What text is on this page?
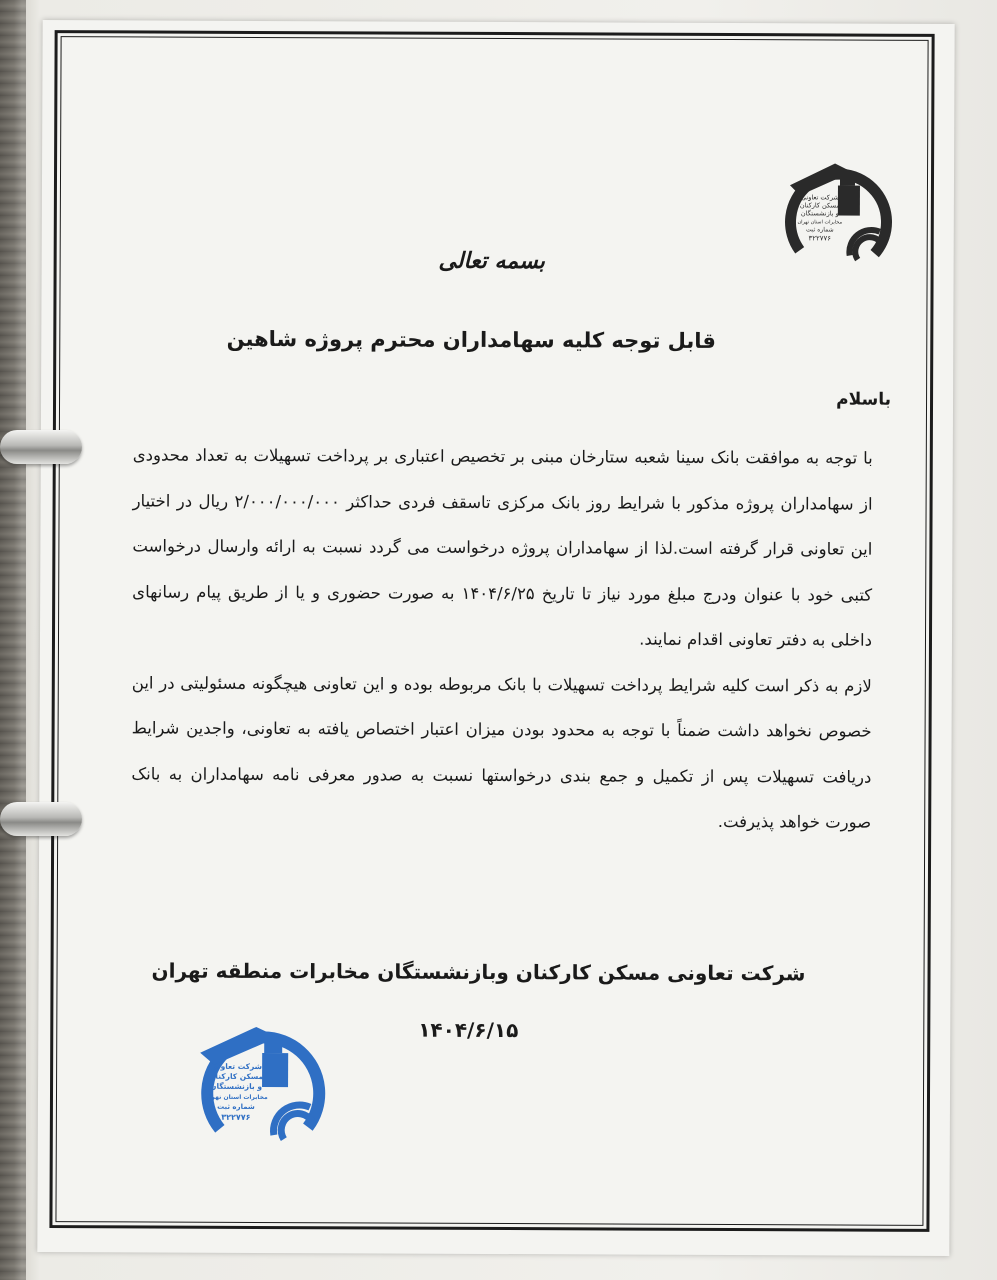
شرکت تعاونی
مسکن کارکنان
و بازنشستگان
مخابرات استان تهران
شماره ثبت
۳۲۲۷۷۶
بسمه تعالی
قابل توجه کلیه سهامداران محترم پروژه شاهین
باسلام

با توجه به موافقت بانک سینا شعبه ستارخان مبنی بر تخصیص اعتباری بر پرداخت تسهیلات به تعداد محدودی از سهامداران پروژه مذکور با شرایط روز بانک مرکزی تاسقف فردی حداکثر ۲/۰۰۰/۰۰۰/۰۰۰ ریال در اختیار این تعاونی قرار گرفته است.لذا از سهامداران پروژه درخواست می گردد نسبت به ارائه وارسال درخواست کتبی خود با عنوان ودرج مبلغ مورد نیاز تا تاریخ ۱۴۰۴/۶/۲۵ به صورت حضوری و یا از طریق پیام رسانهای داخلی به دفتر تعاونی اقدام نمایند.

لازم به ذکر است کلیه شرایط پرداخت تسهیلات با بانک مربوطه بوده و این تعاونی هیچگونه مسئولیتی در این خصوص نخواهد داشت ضمناً با توجه به محدود بودن میزان اعتبار اختصاص یافته به تعاونی، واجدین شرایط دریافت تسهیلات پس از تکمیل و جمع بندی درخواستها نسبت به صدور معرفی نامه سهامداران به بانک صورت خواهد پذیرفت.

شرکت تعاونی مسکن کارکنان وبازنشستگان مخابرات منطقه تهران
۱۴۰۴/۶/۱۵
شرکت تعاونی
مسکن کارکنان
و بازنشستگان
مخابرات استان تهران
شماره ثبت
۳۲۲۷۷۶
